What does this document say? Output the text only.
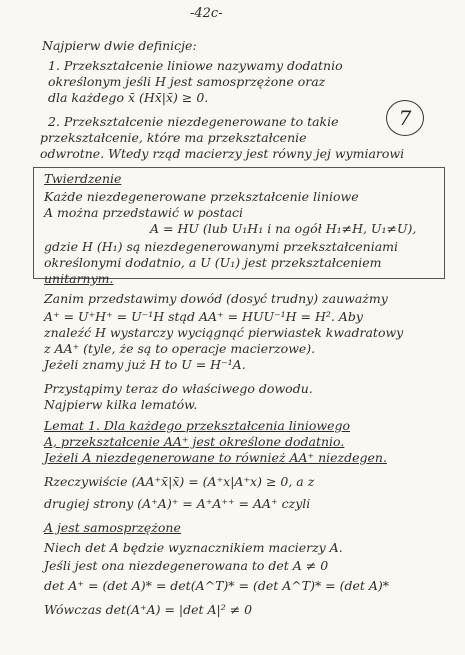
-42c-
7
Najpierw dwie definicje:
1. Przekształcenie liniowe nazywamy dodatnio
określonym jeśli H jest samosprzężone oraz
dla każdego x̄ (Hx̄|x̄) ≥ 0.
2. Przekształcenie niezdegenerowane to takie
przekształcenie, które ma przekształcenie
odwrotne. Wtedy rząd macierzy jest równy jej wymiarowi
Twierdzenie
Każde niezdegenerowane przekształcenie liniowe
A można przedstawić w postaci
A = HU (lub U₁H₁ i na ogół H₁≠H, U₁≠U),
gdzie H (H₁) są niezdegenerowanymi przekształceniami
określonymi dodatnio, a U (U₁) jest przekształceniem
unitarnym.
Zanim przedstawimy dowód (dosyć trudny) zauważmy
A⁺ = U⁺H⁺ = U⁻¹H stąd AA⁺ = HUU⁻¹H = H². Aby
znaleźć H wystarczy wyciągnąć pierwiastek kwadratowy
z AA⁺ (tyle, że są to operacje macierzowe).
Jeżeli znamy już H to U = H⁻¹A.
Przystąpimy teraz do właściwego dowodu.
Najpierw kilka lematów.
Lemat 1. Dla każdego przekształcenia liniowego
A, przekształcenie AA⁺ jest określone dodatnio.
Jeżeli A niezdegenerowane to również AA⁺ niezdegen.
Rzeczywiście (AA⁺x̄|x̄) = (A⁺x|A⁺x) ≥ 0, a z
drugiej strony (A⁺A)⁺ = A⁺A⁺⁺ = AA⁺ czyli
A jest samosprzężone
Niech det A będzie wyznacznikiem macierzy A.
Jeśli jest ona niezdegenerowana to det A ≠ 0
det A⁺ = (det A)* = det(A^T)* = (det A^T)* = (det A)*
Wówczas det(A⁺A) = |det A|² ≠ 0
